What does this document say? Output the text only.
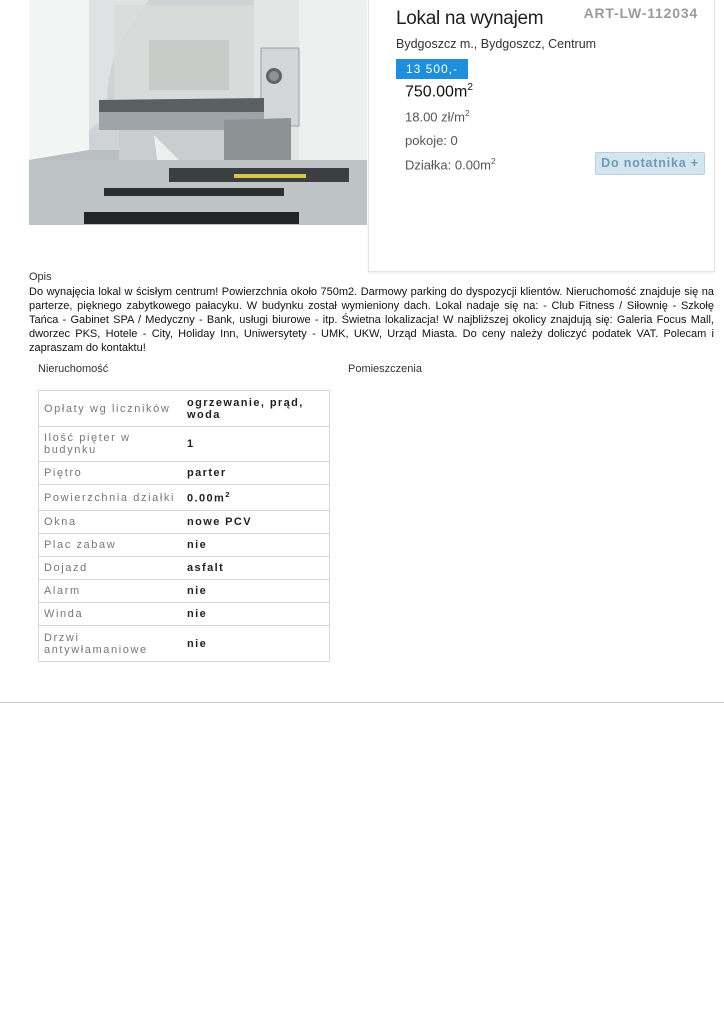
Lokal na wynajem	ART-LW-112034
Bydgoszcz m., Bydgoszcz, Centrum
13 500,-
$750.00m^2$
18.00 $zł/m^2$
pokoje: 0
Działka: $0.00m^2$	Do notatnika +
Opis
Do wynajęcia lokal w ścisłym centrum! Powierzchnia około 750m2. Darmowy parking do dyspozycji klientów. Nieruchomość znajduje się na parterze, pięknego zabytkowego pałacyku. W budynku został wymieniony dach. Lokal nadaje się na: - Club Fitness / Siłownię - Szkołę Tańca - Gabinet SPA / Medyczny - Bank, usługi biurowe - itp. Świetna lokalizacja! W najbliższej okolicy znajdują się: Galeria Focus Mall, dworzec PKS, Hotele - City, Holiday Inn, Uniwersytety - UMK, UKW, Urząd Miasta. Do ceny należy doliczyć podatek VAT. Polecam i zapraszam do kontaktu!
Nieruchomość	Pomieszczenia
Opłaty wg liczników	ogrzewanie, prąd, woda
Ilość pięter w budynku	1
Piętro	parter
Powierzchnia działki	$0.00m^2$
Okna	nowe PCV
Plac zabaw	nie
Dojazd	asfalt
Alarm	nie
Winda	nie
Drzwi antywłamaniowe	nie
